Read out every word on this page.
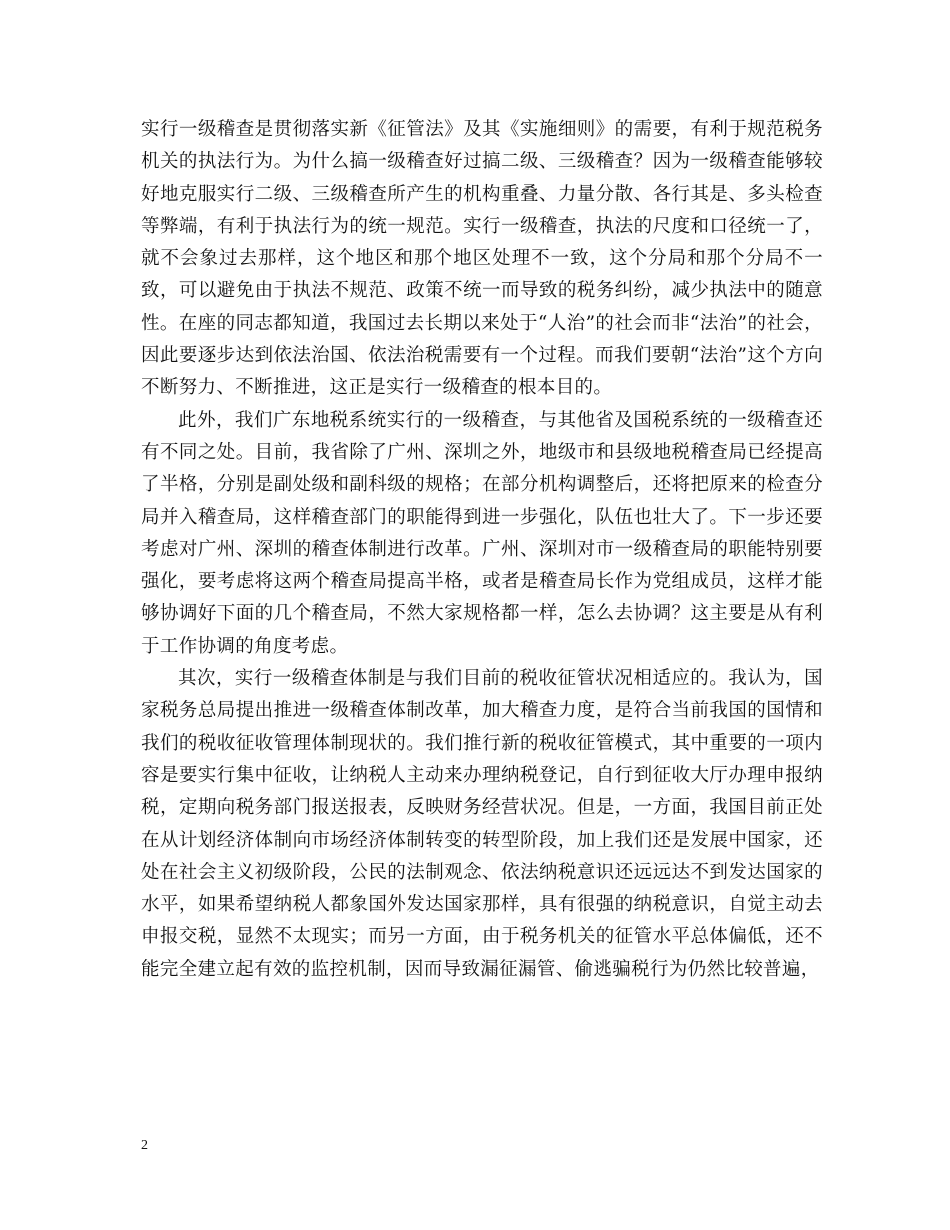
实行一级稽查是贯彻落实新《征管法》及其《实施细则》的需要，有利于规范税务机关的执法行为。为什么搞一级稽查好过搞二级、三级稽查？因为一级稽查能够较好地克服实行二级、三级稽查所产生的机构重叠、力量分散、各行其是、多头检查等弊端，有利于执法行为的统一规范。实行一级稽查，执法的尺度和口径统一了，就不会象过去那样，这个地区和那个地区处理不一致，这个分局和那个分局不一致，可以避免由于执法不规范、政策不统一而导致的税务纠纷，减少执法中的随意性。在座的同志都知道，我国过去长期以来处于“人治”的社会而非“法治”的社会，因此要逐步达到依法治国、依法治税需要有一个过程。而我们要朝“法治”这个方向不断努力、不断推进，这正是实行一级稽查的根本目的。

此外，我们广东地税系统实行的一级稽查，与其他省及国税系统的一级稽查还有不同之处。目前，我省除了广州、深圳之外，地级市和县级地税稽查局已经提高了半格，分别是副处级和副科级的规格；在部分机构调整后，还将把原来的检查分局并入稽查局，这样稽查部门的职能得到进一步强化，队伍也壮大了。下一步还要考虑对广州、深圳的稽查体制进行改革。广州、深圳对市一级稽查局的职能特别要强化，要考虑将这两个稽查局提高半格，或者是稽查局长作为党组成员，这样才能够协调好下面的几个稽查局，不然大家规格都一样，怎么去协调？这主要是从有利于工作协调的角度考虑。

其次，实行一级稽查体制是与我们目前的税收征管状况相适应的。我认为，国家税务总局提出推进一级稽查体制改革，加大稽查力度，是符合当前我国的国情和我们的税收征收管理体制现状的。我们推行新的税收征管模式，其中重要的一项内容是要实行集中征收，让纳税人主动来办理纳税登记，自行到征收大厅办理申报纳税，定期向税务部门报送报表，反映财务经营状况。但是，一方面，我国目前正处在从计划经济体制向市场经济体制转变的转型阶段，加上我们还是发展中国家，还处在社会主义初级阶段，公民的法制观念、依法纳税意识还远远达不到发达国家的水平，如果希望纳税人都象国外发达国家那样，具有很强的纳税意识，自觉主动去申报交税，显然不太现实；而另一方面，由于税务机关的征管水平总体偏低，还不能完全建立起有效的监控机制，因而导致漏征漏管、偷逃骗税行为仍然比较普遍，

2
